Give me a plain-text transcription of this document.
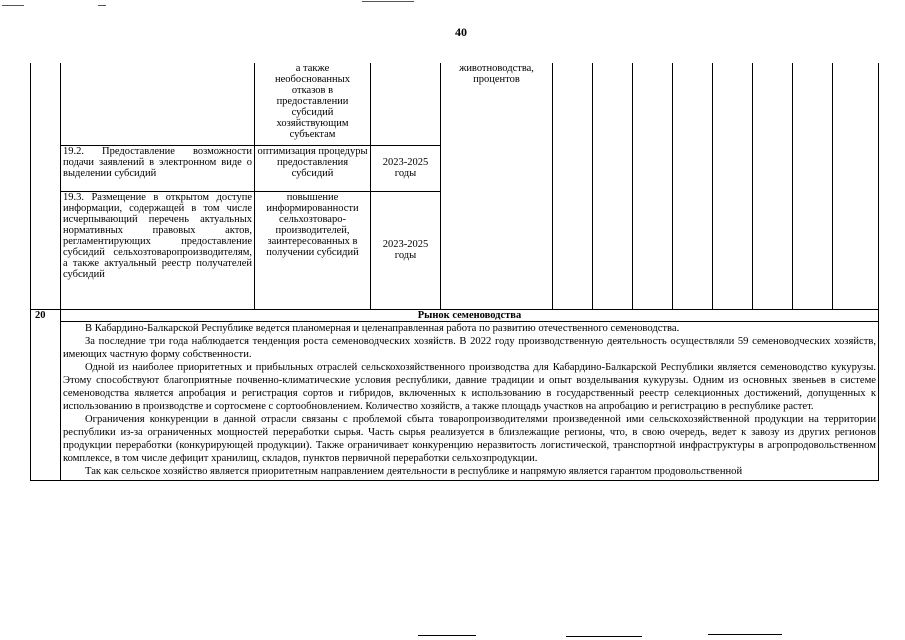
40
		а также необоснованных отказов в предоставлении субсидий хозяйствующим субъектам		животноводства, процентов								
	19.2. Предоставление возможности подачи заявлений в электронном виде о выделении субсидий	оптимизация процедуры предоставления субсидий	2023-2025 годы									
	19.3. Размещение в открытом доступе информации, содержащей в том числе исчерпывающий перечень актуальных нормативных правовых актов, регламентирующих предоставление субсидий сельхозтоваропроизводителям, а также актуальный реестр получателей субсидий	повышение информированности сельхозтоваро-производителей, заинтересованных в получении субсидий	2023-2025 годы									
20	Рынок семеноводства											

	В Кабардино-Балкарской Республике ведется планомерная и целенаправленная работа по развитию отечественного семеноводства.

За последние три года наблюдается тенденция роста семеноводческих хозяйств. В 2022 году производственную деятельность осуществляли 59 семеноводческих хозяйств, имеющих частную форму собственности.

Одной из наиболее приоритетных и прибыльных отраслей сельскохозяйственного производства для Кабардино-Балкарской Республики является семеноводство кукурузы. Этому способствуют благоприятные почвенно-климатические условия республики, давние традиции и опыт возделывания кукурузы. Одним из основных звеньев в системе семеноводства является апробация и регистрация сортов и гибридов, включенных к использованию в государственный реестр селекционных достижений, допущенных к использованию в производстве и сортосмене с сортообновлением. Количество хозяйств, а также площадь участков на апробацию и регистрацию в республике растет.

Ограничения конкуренции в данной отрасли связаны с проблемой сбыта товаропроизводителями произведенной ими сельскохозяйственной продукции на территории республики из-за ограниченных мощностей переработки сырья. Часть сырья реализуется в близлежащие регионы, что, в свою очередь, ведет к завозу из других регионов продукции переработки (конкурирующей продукции). Также ограничивает конкуренцию неразвитость логистической, транспортной инфраструктуры в агропродовольственном комплексе, в том числе дефицит хранилищ, складов, пунктов первичной переработки сельхозпродукции.

Так как сельское хозяйство является приоритетным направлением деятельности в республике и напрямую является гарантом продовольственной											
